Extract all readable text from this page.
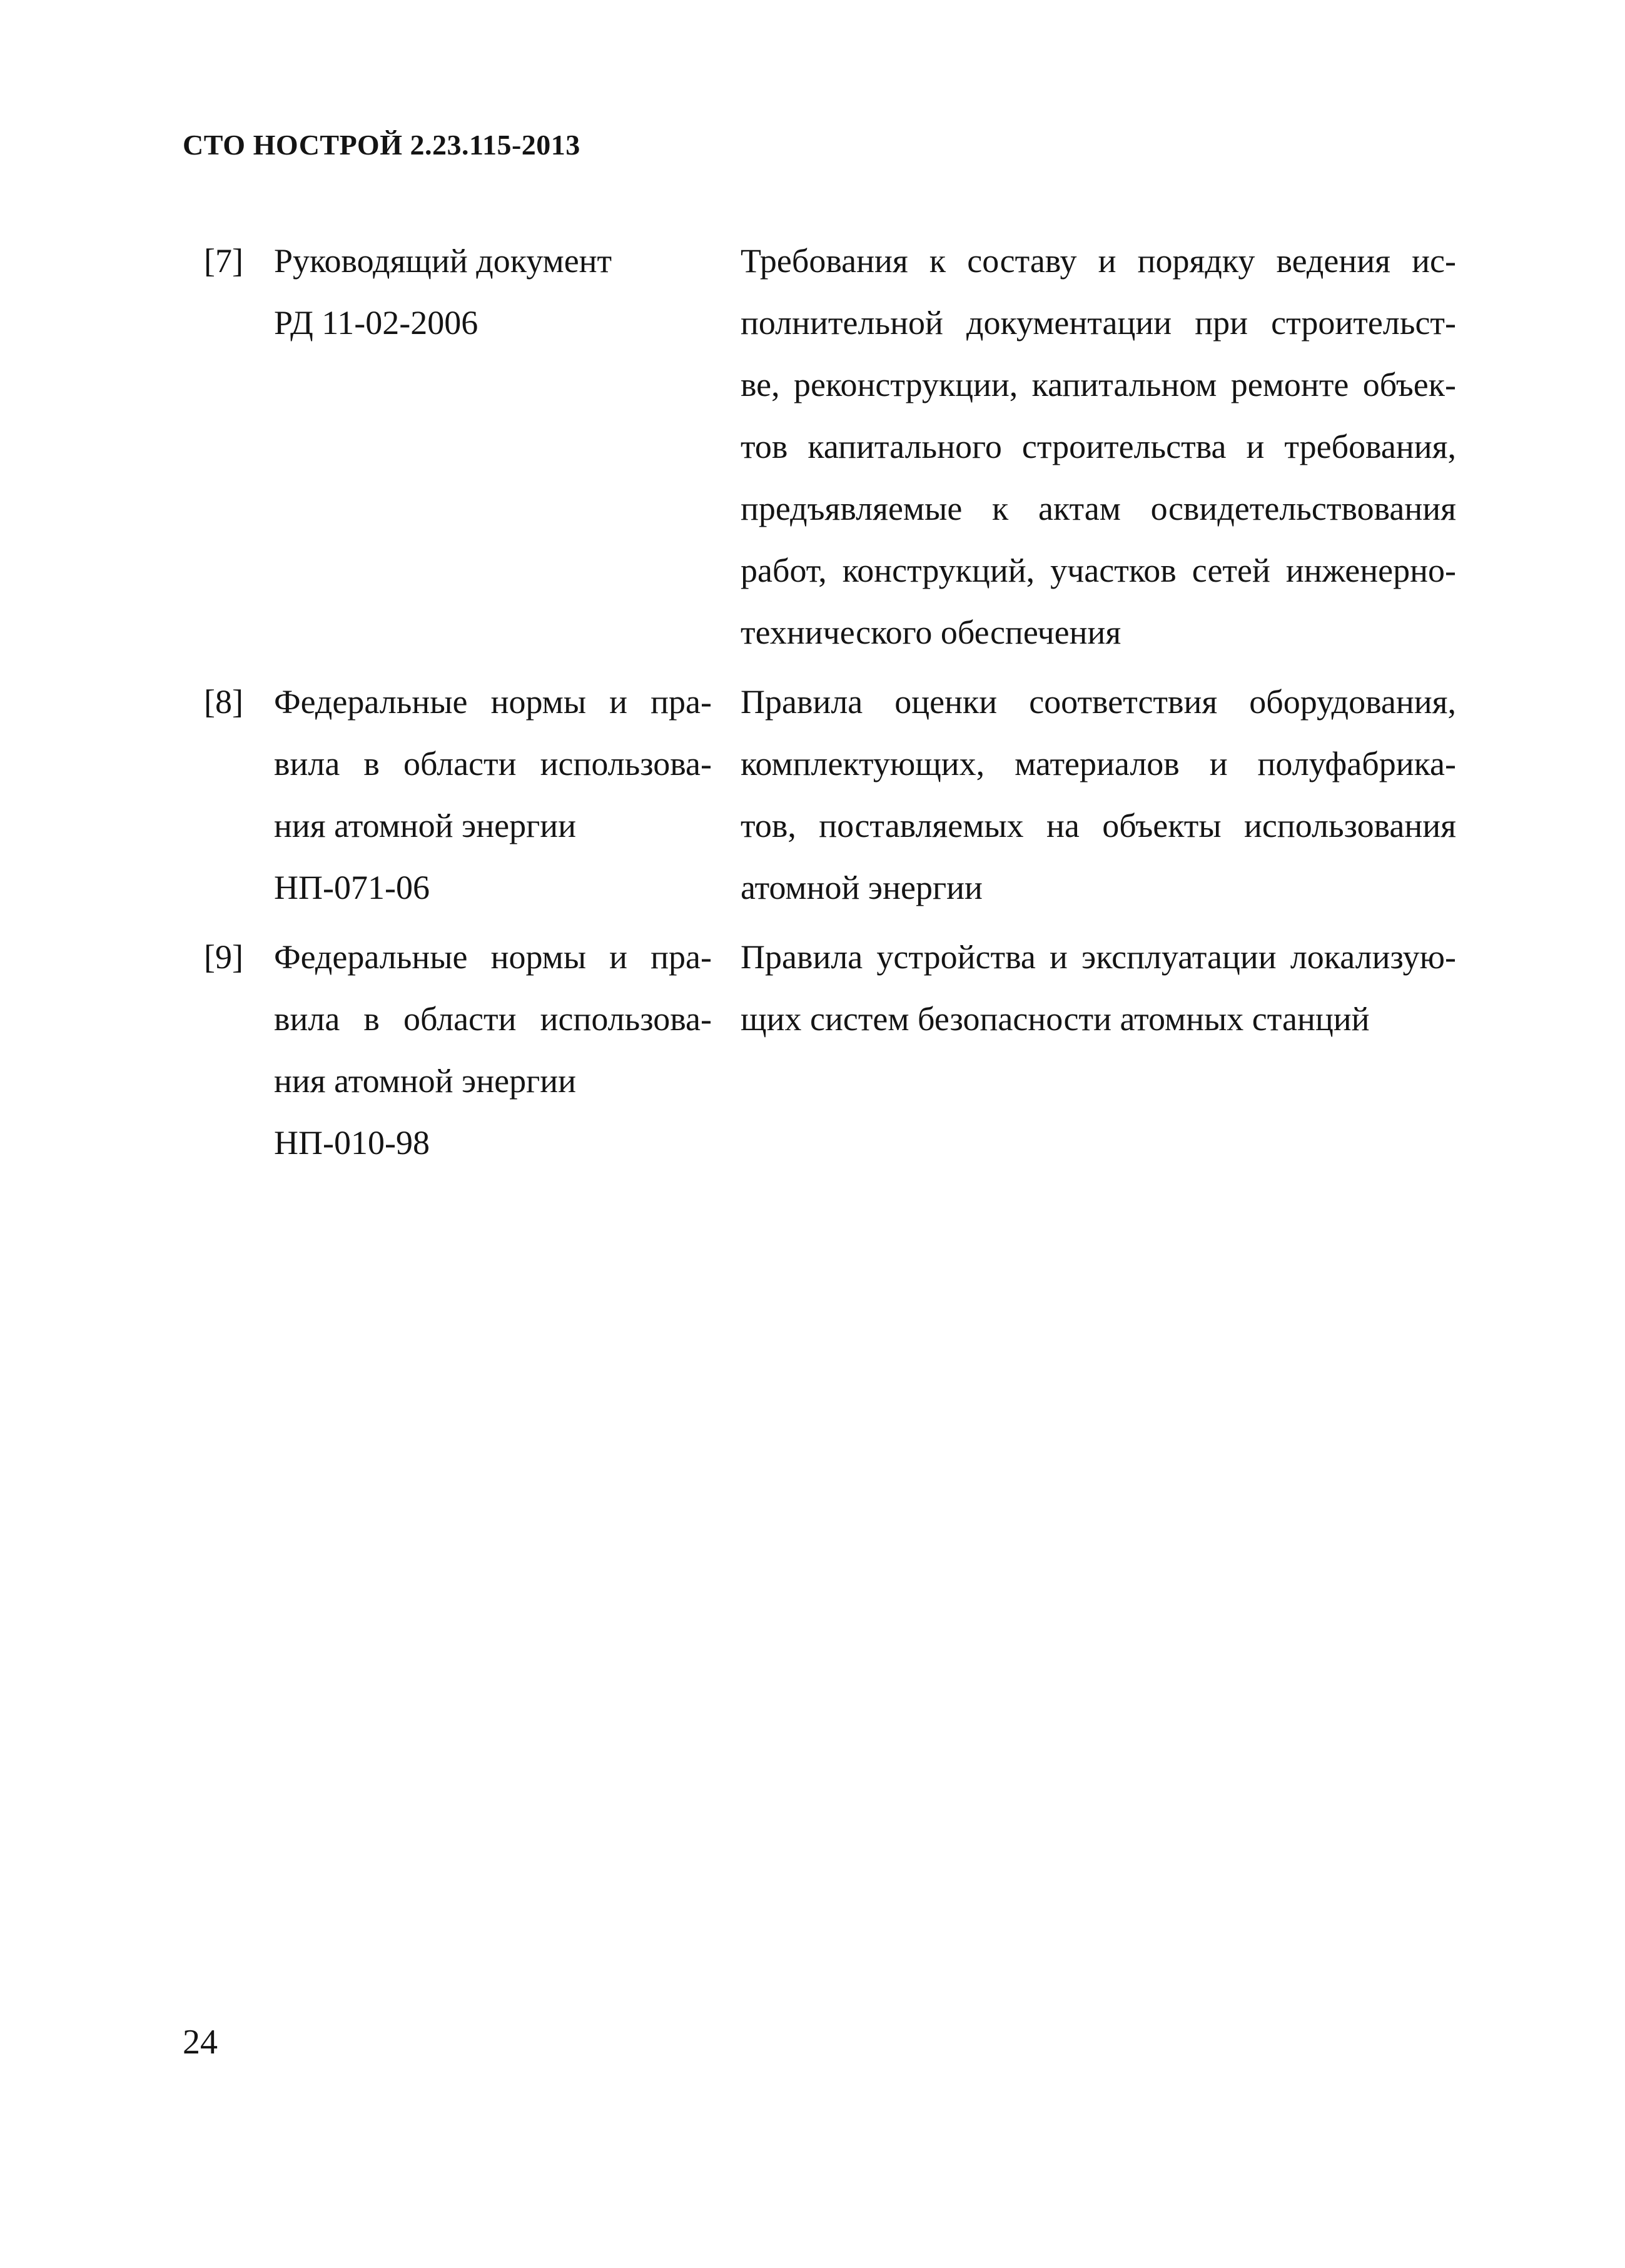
СТО НОСТРОЙ 2.23.115-2013
[7] Руководящий документ
РД 11-02-2006
Требования к составу и порядку ведения ис-
полнительной документации при строительст-
ве, реконструкции, капитальном ремонте объек-
тов капитального строительства и требования,
предъявляемые к актам освидетельствования
работ, конструкций, участков сетей инженерно-
технического обеспечения
[8] Федеральные нормы и пра-
вила в области использова-
ния атомной энергии
НП-071-06
Правила оценки соответствия оборудования,
комплектующих, материалов и полуфабрика-
тов, поставляемых на объекты использования
атомной энергии
[9] Федеральные нормы и пра-
вила в области использова-
ния атомной энергии
НП-010-98
Правила устройства и эксплуатации локализую-
щих систем безопасности атомных станций
24
